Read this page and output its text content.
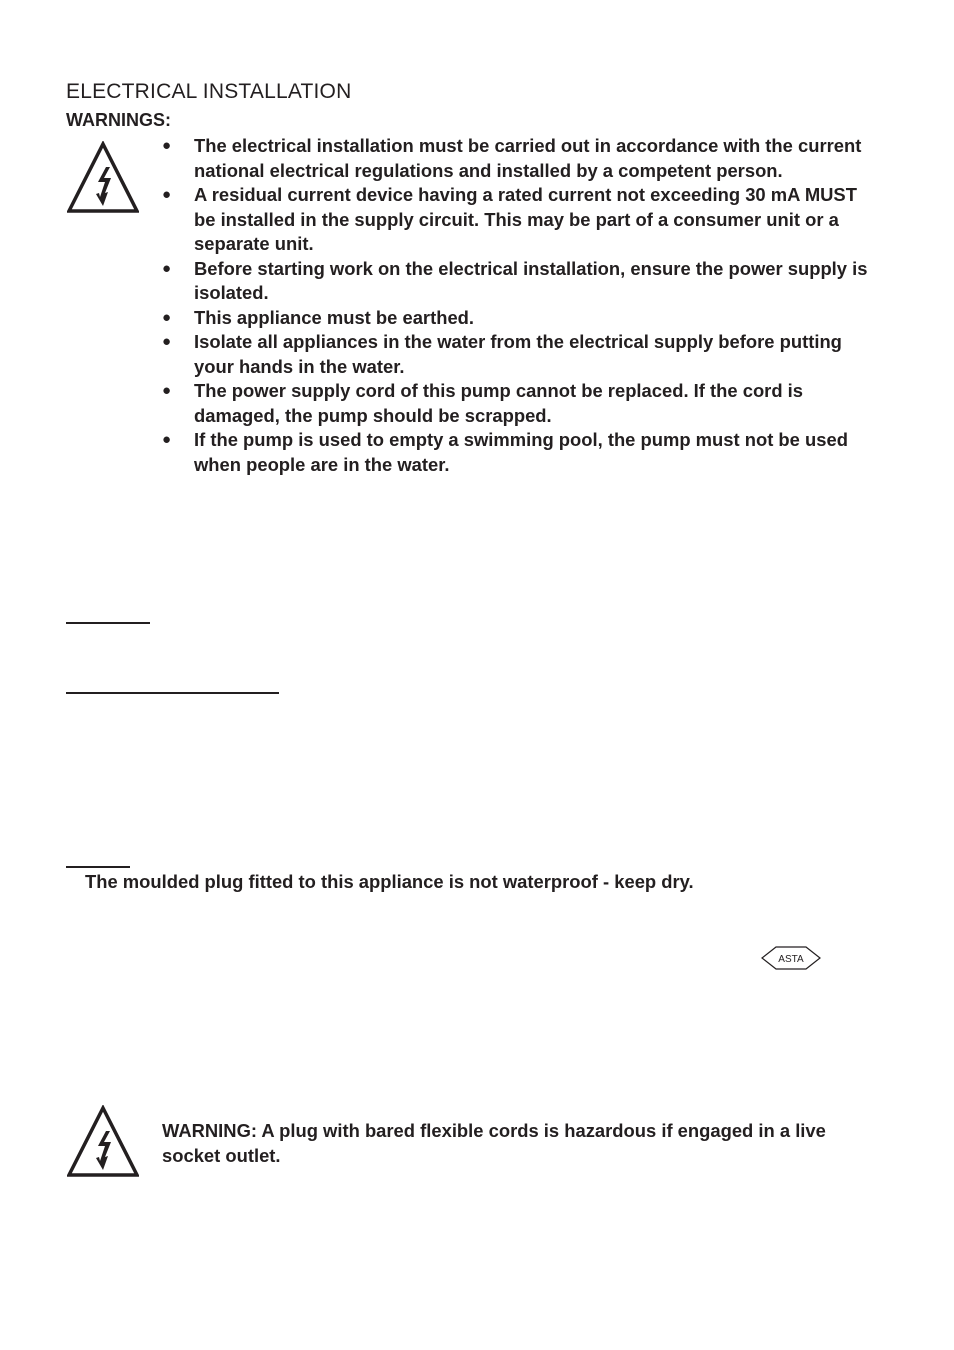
ELECTRICAL INSTALLATION
WARNINGS:
● The electrical installation must be carried out in accordance with the current national electrical regulations and installed by a competent person.
● A residual current device having a rated current not exceeding 30 mA MUST be installed in the supply circuit. This may be part of a consumer unit or a separate unit.
● Before starting work on the electrical installation, ensure the power supply is isolated.
● This appliance must be earthed.
● Isolate all appliances in the water from the electrical supply before putting your hands in the water.
● The power supply cord of this pump cannot be replaced. If the cord is damaged, the pump should be scrapped.
● If the pump is used to empty a swimming pool, the pump must not be used when people are in the water.
The moulded plug fitted to this appliance is not waterproof - keep dry.
ASTA
WARNING: A plug with bared flexible cords is hazardous if engaged in a live socket outlet.
